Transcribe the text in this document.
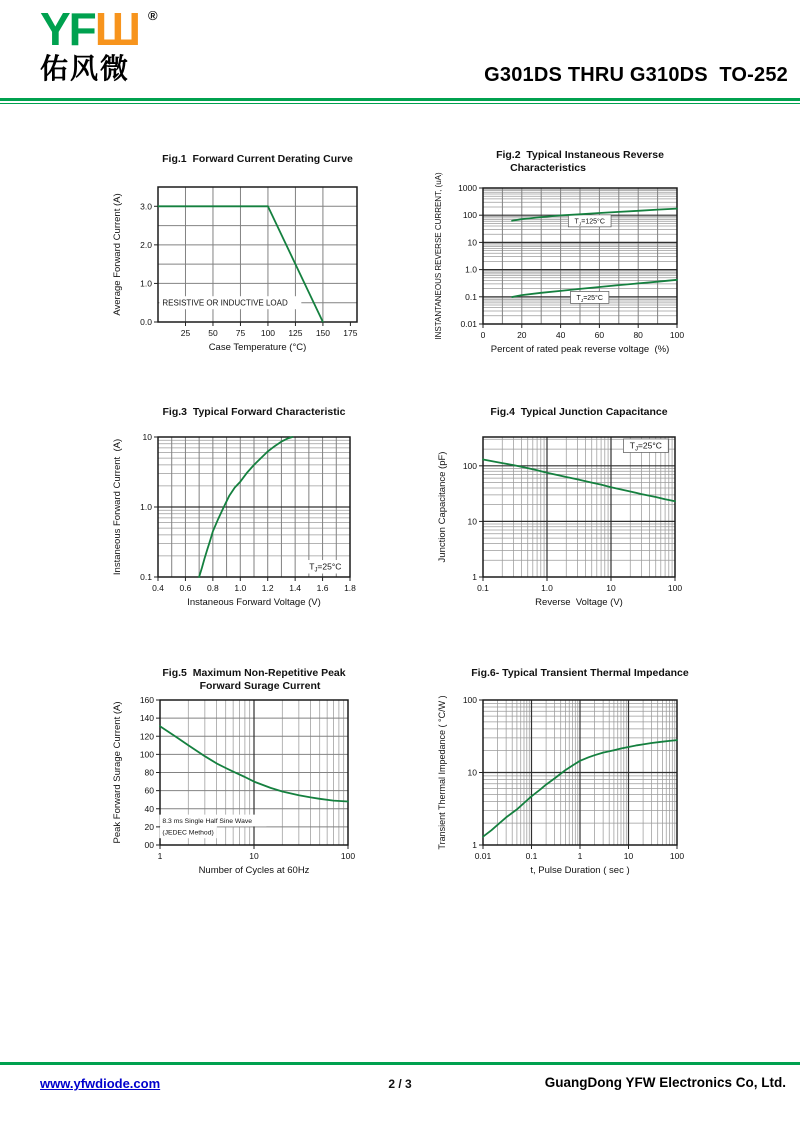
YFШ ®
佑风微	G301DS THRU G310DS  TO-252
Fig.1  Forward Current Derating Curve
RESISTIVE OR INDUCTIVE LOAD
25 50 75 100 125 150 175
0.0
1.0
2.0
3.0
Case Temperature (°C)
Average Forward Current (A)
Fig.2  Typical Instaneous Reverse
Characteristics
$T_J=125^\circ C$
$T_J=25^\circ C$
0	20	40	60	80	100
1000
100
10
1.0
0.1
0.01
Percent of rated peak reverse voltage  (%)
INSTANTANEOUS REVERSE CURRENT, (uA)
Fig.3  Typical Forward Characteristic
$T_J=25^\circ C$
0.4 0.6 0.8 1.0 1.2 1.4 1.6 1.8
10
1.0
0.1
Instaneous Forward Voltage (V)
Instaneous Forward Current  (A)
Fig.4  Typical Junction Capacitance
$T_J=25^\circ C$
0.1	1.0	10	100
100
10
1
Reverse  Voltage (V)
Junction Capacitance (pF)
Fig.5  Maximum Non-Repetitive Peak
Forward Surage Current
8.3 ms Single Half Sine Wave
(JEDEC Method)
1	10	100
160
140
120
100
80
60
40
20
00
Number of Cycles at 60Hz
Peak Forward Surage Current (A)
Fig.6- Typical Transient Thermal Impedance
0.01	0.1	1	10	100
100
10
1
t, Pulse Duration ( sec )
Transient Thermal Impedance ( °C/W )
www.yfwdiode.com	2 / 3	GuangDong YFW Electronics Co, Ltd.
